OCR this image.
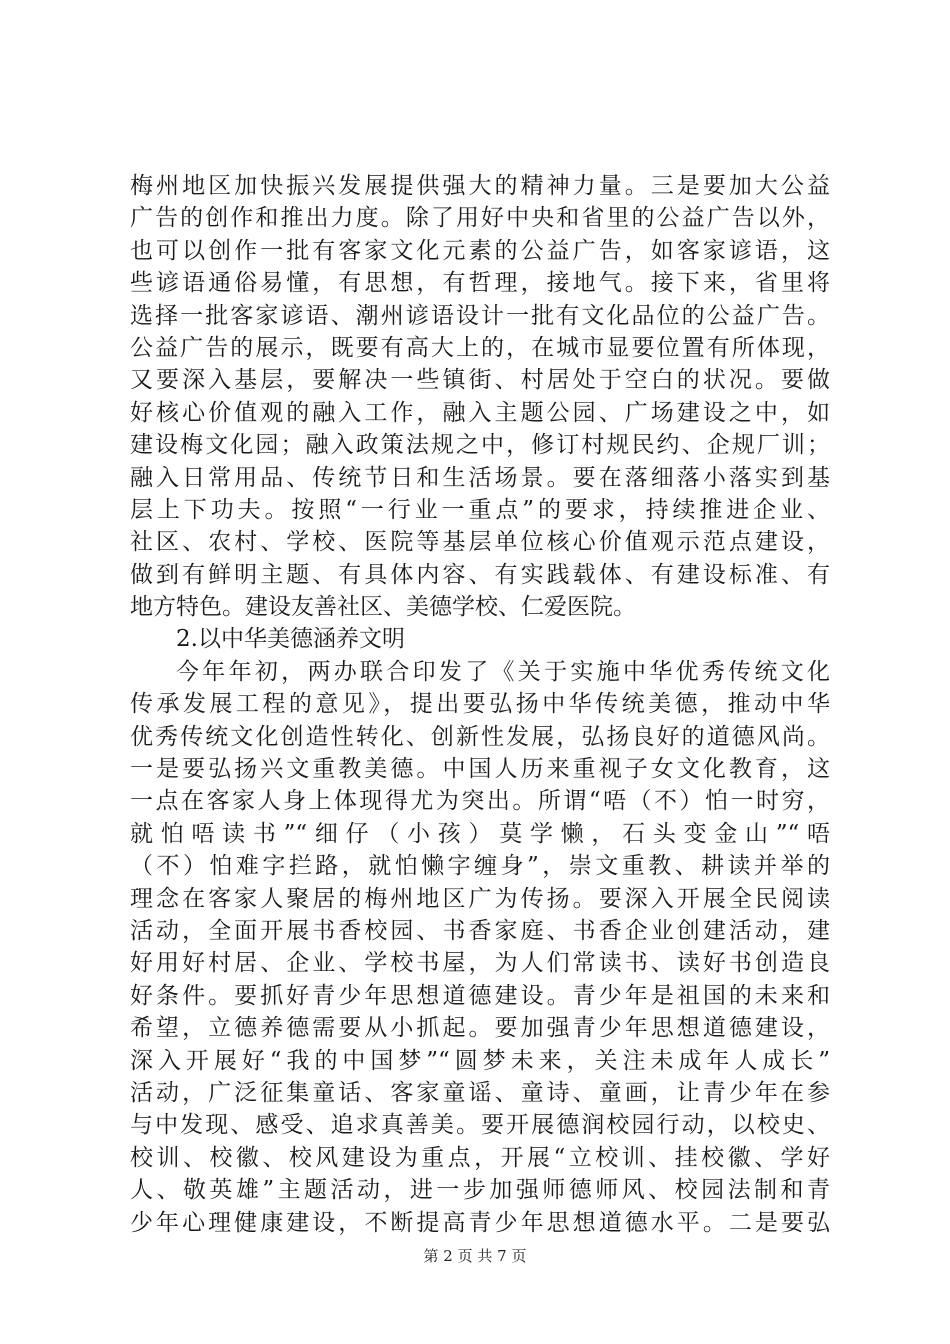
梅州地区加快振兴发展提供强大的精神力量。三是要加大公益
广告的创作和推出力度。除了用好中央和省里的公益广告以外，
也可以创作一批有客家文化元素的公益广告，如客家谚语，这
些谚语通俗易懂，有思想，有哲理，接地气。接下来，省里将
选择一批客家谚语、潮州谚语设计一批有文化品位的公益广告。
公益广告的展示，既要有高大上的，在城市显要位置有所体现，
又要深入基层，要解决一些镇街、村居处于空白的状况。要做
好核心价值观的融入工作，融入主题公园、广场建设之中，如
建设梅文化园；融入政策法规之中，修订村规民约、企规厂训；
融入日常用品、传统节日和生活场景。要在落细落小落实到基
层上下功夫。按照“一行业一重点”的要求，持续推进企业、
社区、农村、学校、医院等基层单位核心价值观示范点建设，
做到有鲜明主题、有具体内容、有实践载体、有建设标准、有
地方特色。建设友善社区、美德学校、仁爱医院。
2.以中华美德涵养文明
今年年初，两办联合印发了《关于实施中华优秀传统文化
传承发展工程的意见》，提出要弘扬中华传统美德，推动中华
优秀传统文化创造性转化、创新性发展，弘扬良好的道德风尚。
一是要弘扬兴文重教美德。中国人历来重视子女文化教育，这
一点在客家人身上体现得尤为突出。所谓“唔（不）怕一时穷，
就怕唔读书”“细仔（小孩）莫学懒，石头变金山”“唔
（不）怕难字拦路，就怕懒字缠身”，崇文重教、耕读并举的
理念在客家人聚居的梅州地区广为传扬。要深入开展全民阅读
活动，全面开展书香校园、书香家庭、书香企业创建活动，建
好用好村居、企业、学校书屋，为人们常读书、读好书创造良
好条件。要抓好青少年思想道德建设。青少年是祖国的未来和
希望，立德养德需要从小抓起。要加强青少年思想道德建设，
深入开展好“我的中国梦”“圆梦未来，关注未成年人成长”
活动，广泛征集童话、客家童谣、童诗、童画，让青少年在参
与中发现、感受、追求真善美。要开展德润校园行动，以校史、
校训、校徽、校风建设为重点，开展“立校训、挂校徽、学好
人、敬英雄”主题活动，进一步加强师德师风、校园法制和青
少年心理健康建设，不断提高青少年思想道德水平。二是要弘
第 2 页 共 7 页
